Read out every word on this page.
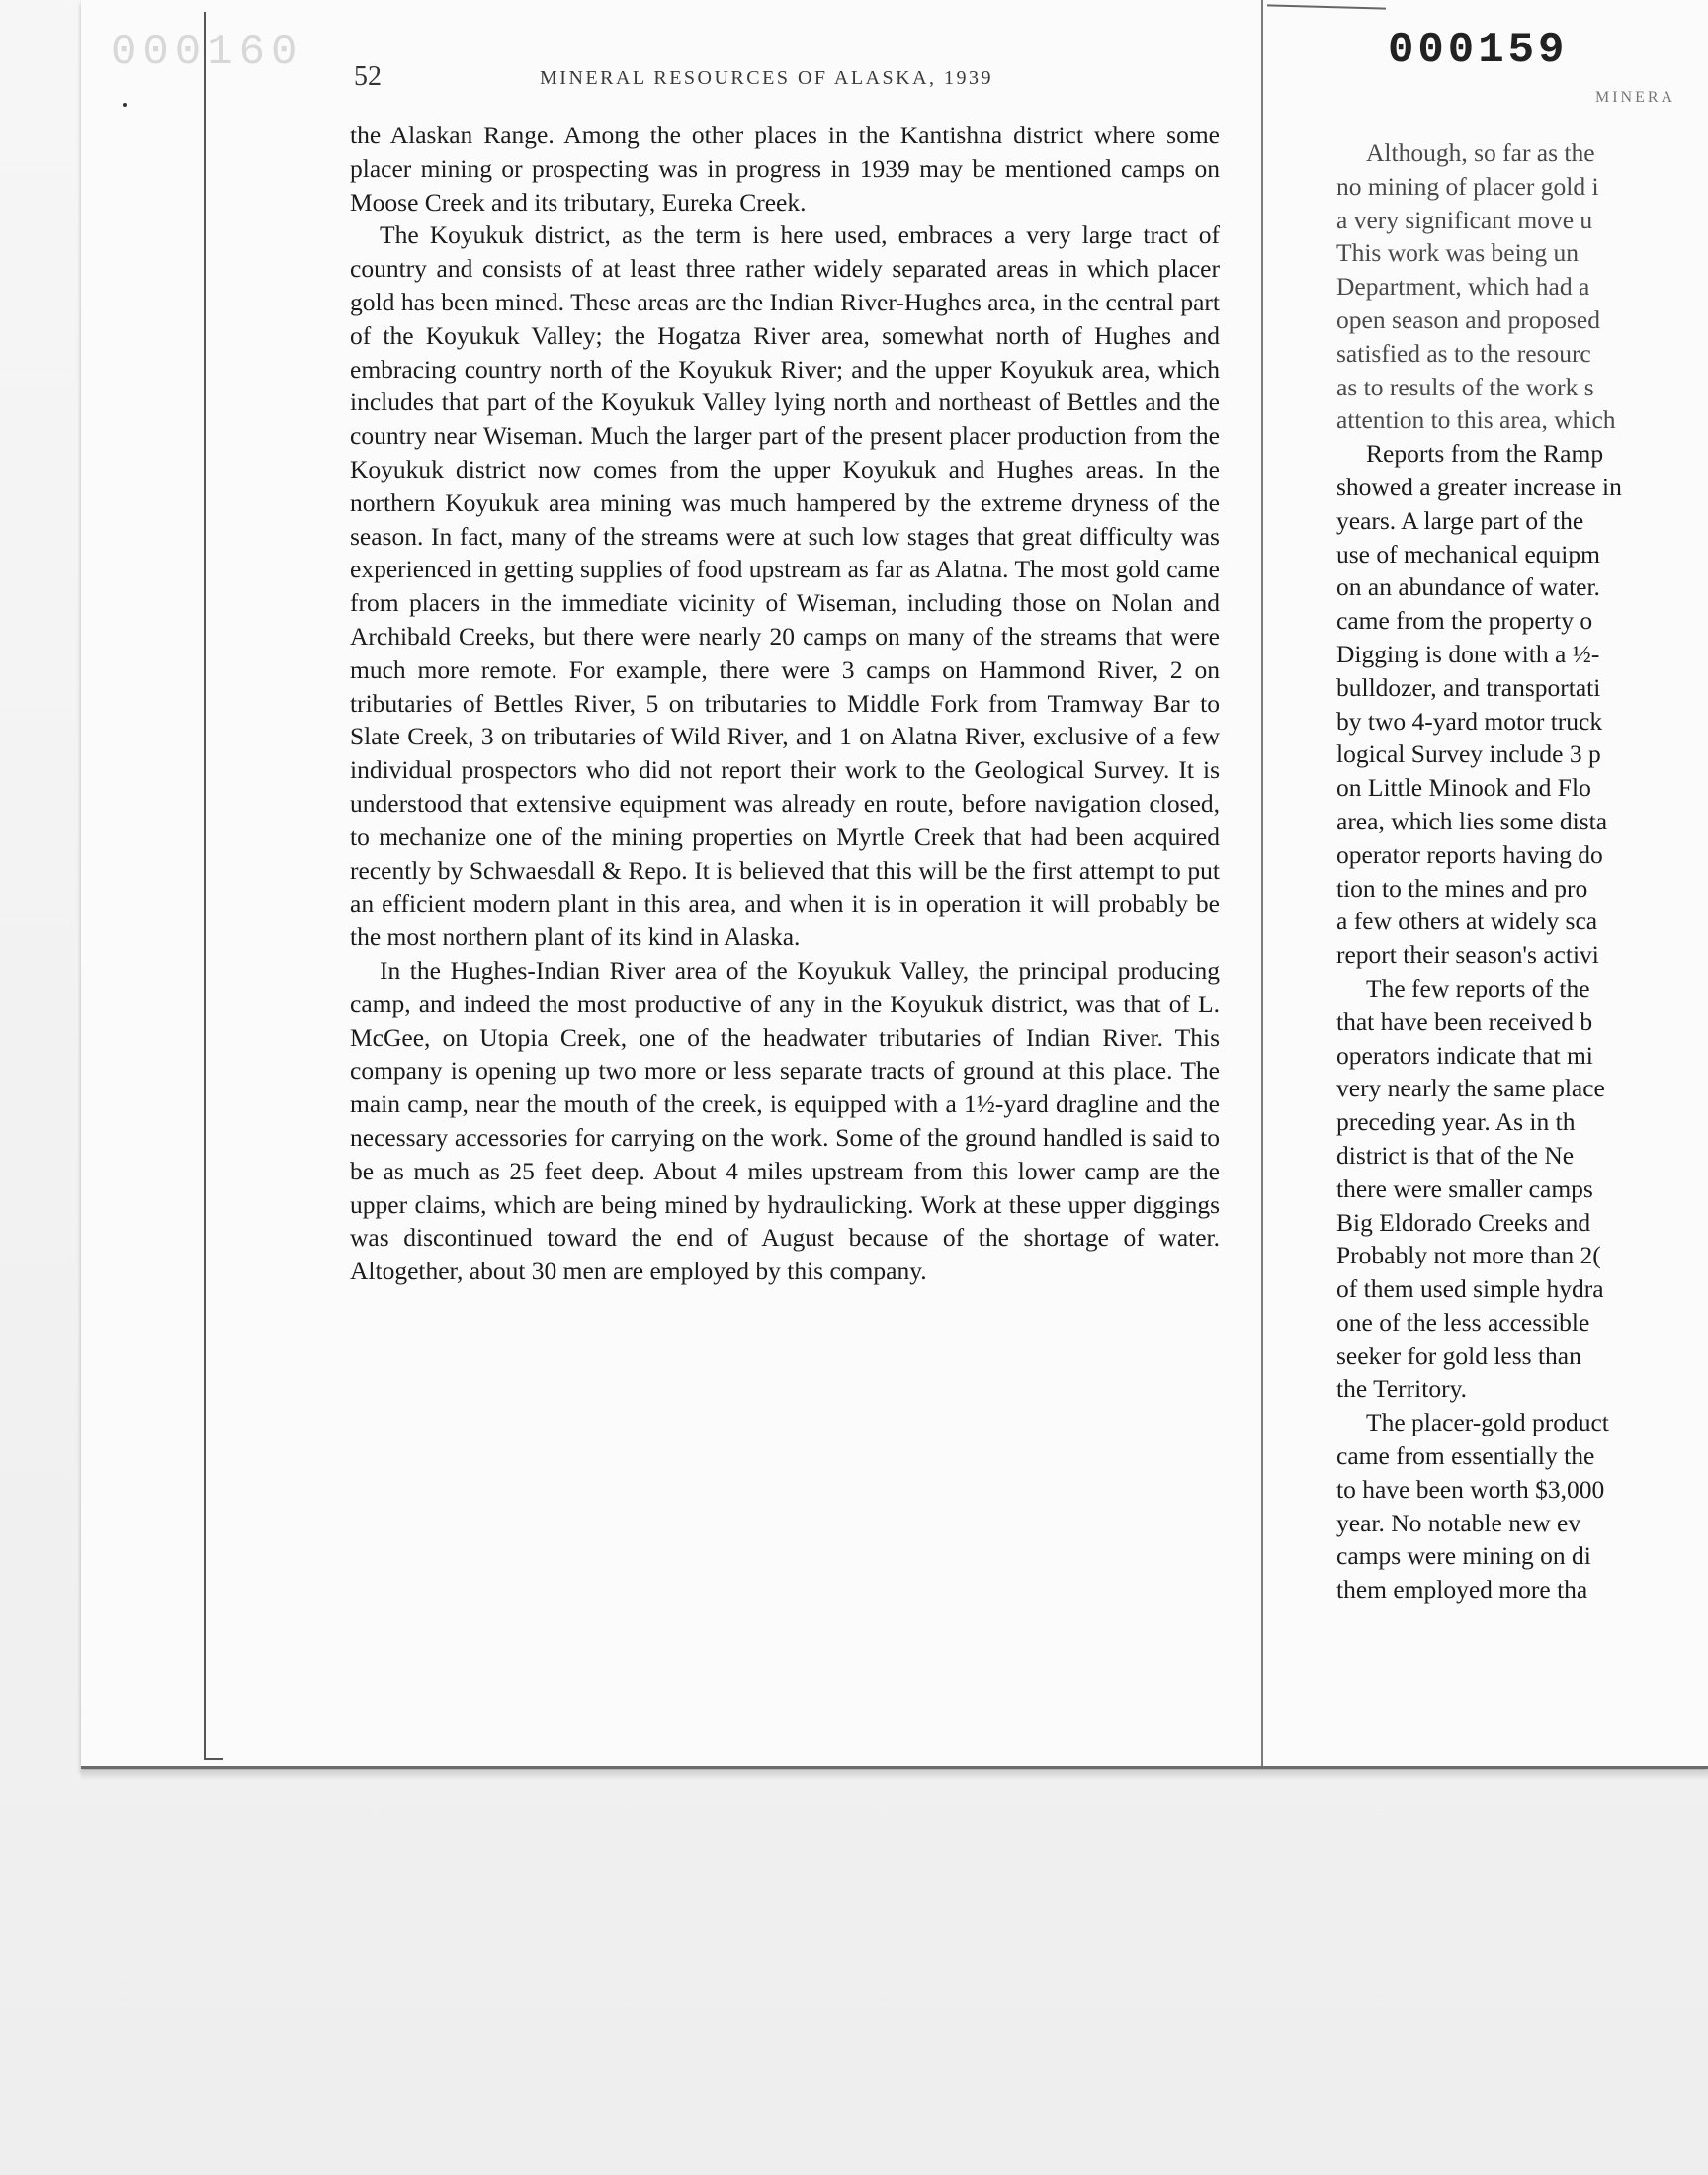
000160 52	MINERAL RESOURCES OF ALASKA, 1939
000159
MINERA

the Alaskan Range. Among the other places in the Kantishna district where some placer mining or prospecting was in progress in 1939 may be mentioned camps on Moose Creek and its tributary, Eureka Creek.

The Koyukuk district, as the term is here used, embraces a very large tract of country and consists of at least three rather widely separated areas in which placer gold has been mined. These areas are the Indian River-Hughes area, in the central part of the Koyukuk Valley; the Hogatza River area, somewhat north of Hughes and embracing country north of the Koyukuk River; and the upper Koyukuk area, which includes that part of the Koyukuk Valley lying north and northeast of Bettles and the country near Wiseman. Much the larger part of the present placer production from the Koyukuk district now comes from the upper Koyukuk and Hughes areas. In the northern Koyukuk area mining was much hampered by the extreme dryness of the season. In fact, many of the streams were at such low stages that great difficulty was experienced in getting supplies of food upstream as far as Alatna. The most gold came from placers in the immediate vicinity of Wiseman, including those on Nolan and Archibald Creeks, but there were nearly 20 camps on many of the streams that were much more remote. For example, there were 3 camps on Hammond River, 2 on tributaries of Bettles River, 5 on tributaries to Middle Fork from Tramway Bar to Slate Creek, 3 on tributaries of Wild River, and 1 on Alatna River, exclusive of a few individual prospectors who did not report their work to the Geological Survey. It is understood that extensive equipment was already en route, before navigation closed, to mechanize one of the mining properties on Myrtle Creek that had been acquired recently by Schwaesdall & Repo. It is believed that this will be the first attempt to put an efficient modern plant in this area, and when it is in operation it will probably be the most northern plant of its kind in Alaska.

In the Hughes-Indian River area of the Koyukuk Valley, the principal producing camp, and indeed the most productive of any in the Koyukuk district, was that of L. McGee, on Utopia Creek, one of the headwater tributaries of Indian River. This company is opening up two more or less separate tracts of ground at this place. The main camp, near the mouth of the creek, is equipped with a 1½-yard dragline and the necessary accessories for carrying on the work. Some of the ground handled is said to be as much as 25 feet deep. About 4 miles upstream from this lower camp are the upper claims, which are being mined by hydraulicking. Work at these upper diggings was discontinued toward the end of August because of the shortage of water. Altogether, about 30 men are employed by this company.

Although, so far as the
no mining of placer gold i
a very significant move u
This work was being un
Department, which had a
open season and proposed
satisfied as to the resourc
as to results of the work s
attention to this area, which
Reports from the Ramp
showed a greater increase in
years. A large part of the
use of mechanical equipm
on an abundance of water.
came from the property o
Digging is done with a ½-
bulldozer, and transportati
by two 4-yard motor truck
logical Survey include 3 p
on Little Minook and Flo
area, which lies some dista
operator reports having do
tion to the mines and pro
a few others at widely sca
report their season's activi
The few reports of the
that have been received b
operators indicate that mi
very nearly the same place
preceding year. As in th
district is that of the Ne
there were smaller camps
Big Eldorado Creeks and
Probably not more than 2(
of them used simple hydra
one of the less accessible
seeker for gold less than
the Territory.
The placer-gold product
came from essentially the
to have been worth $3,000
year. No notable new ev
camps were mining on di
them employed more tha
